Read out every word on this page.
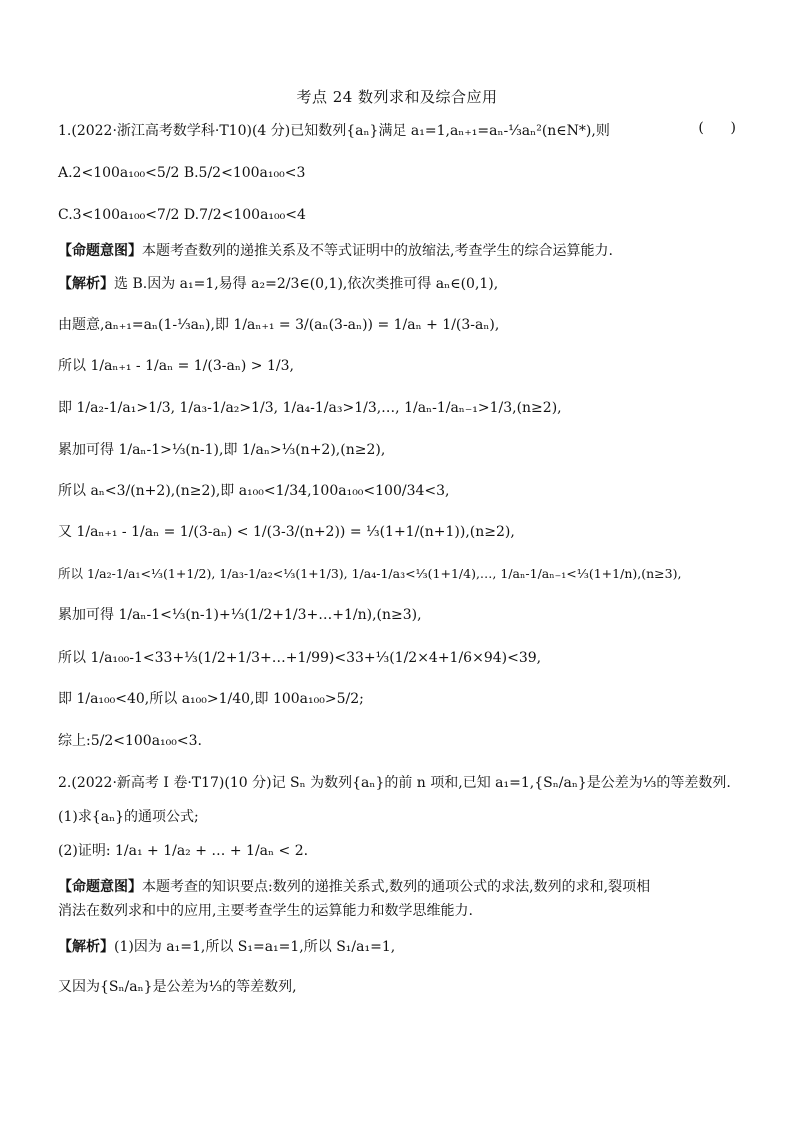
考点 24 数列求和及综合应用
1.(2022·浙江高考数学科·T10)(4 分)已知数列{aₙ}满足 a₁=1,aₙ₊₁=aₙ-⅓aₙ²(n∈N*),则	(      )
A.2<100a₁₀₀<5/2 B.5/2<100a₁₀₀<3
C.3<100a₁₀₀<7/2 D.7/2<100a₁₀₀<4
【命题意图】本题考查数列的递推关系及不等式证明中的放缩法,考查学生的综合运算能力.
【解析】选 B.因为 a₁=1,易得 a₂=2/3∈(0,1),依次类推可得 aₙ∈(0,1),
由题意,aₙ₊₁=aₙ(1-⅓aₙ),即 1/aₙ₊₁ = 3/(aₙ(3-aₙ)) = 1/aₙ + 1/(3-aₙ),
所以 1/aₙ₊₁ - 1/aₙ = 1/(3-aₙ) > 1/3,
即 1/a₂-1/a₁>1/3, 1/a₃-1/a₂>1/3, 1/a₄-1/a₃>1/3,…, 1/aₙ-1/aₙ₋₁>1/3,(n≥2),
累加可得 1/aₙ-1>⅓(n-1),即 1/aₙ>⅓(n+2),(n≥2),
所以 aₙ<3/(n+2),(n≥2),即 a₁₀₀<1/34,100a₁₀₀<100/34<3,
又 1/aₙ₊₁ - 1/aₙ = 1/(3-aₙ) < 1/(3-3/(n+2)) = ⅓(1+1/(n+1)),(n≥2),
所以 1/a₂-1/a₁<⅓(1+1/2), 1/a₃-1/a₂<⅓(1+1/3), 1/a₄-1/a₃<⅓(1+1/4),…, 1/aₙ-1/aₙ₋₁<⅓(1+1/n),(n≥3),
累加可得 1/aₙ-1<⅓(n-1)+⅓(1/2+1/3+…+1/n),(n≥3),
所以 1/a₁₀₀-1<33+⅓(1/2+1/3+…+1/99)<33+⅓(1/2×4+1/6×94)<39,
即 1/a₁₀₀<40,所以 a₁₀₀>1/40,即 100a₁₀₀>5/2;
综上:5/2<100a₁₀₀<3.
2.(2022·新高考 I 卷·T17)(10 分)记 Sₙ 为数列{aₙ}的前 n 项和,已知 a₁=1,{Sₙ/aₙ}是公差为⅓的等差数列.
(1)求{aₙ}的通项公式;
(2)证明: 1/a₁ + 1/a₂ + … + 1/aₙ < 2.
【命题意图】本题考查的知识要点:数列的递推关系式,数列的通项公式的求法,数列的求和,裂项相
消法在数列求和中的应用,主要考查学生的运算能力和数学思维能力.
【解析】(1)因为 a₁=1,所以 S₁=a₁=1,所以 S₁/a₁=1,
又因为{Sₙ/aₙ}是公差为⅓的等差数列,
